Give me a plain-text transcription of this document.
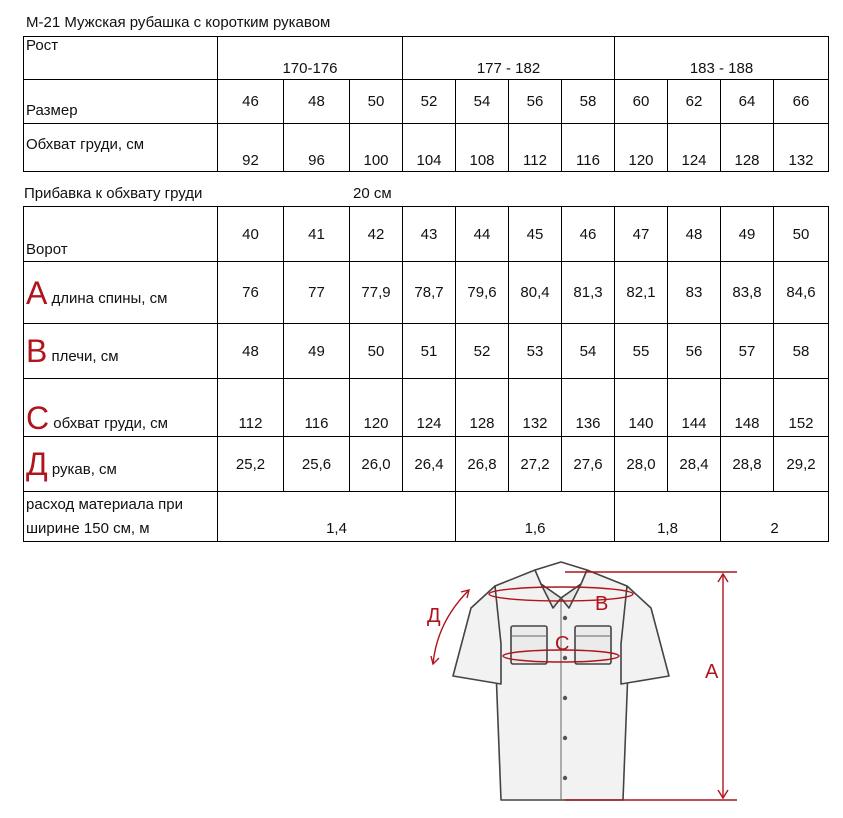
М-21 Мужская рубашка с коротким рукавом
Рост	170-176			177 - 182				183 - 188			
Размер	46	48	50	52	54	56	58	60	62	64	66
Обхват груди, см	92	96	100	104	108	112	116	120	124	128	132
Прибавка к обхвату груди	20 см
Ворот	40	41	42	43	44	45	46	47	48	49	50
А длина спины, см	76	77	77,9	78,7	79,6	80,4	81,3	82,1	83	83,8	84,6
В плечи, см	48	49	50	51	52	53	54	55	56	57	58
С обхват груди, см	112	116	120	124	128	132	136	140	144	148	152
Д рукав, см	25,2	25,6	26,0	26,4	26,8	27,2	27,6	28,0	28,4	28,8	29,2

расход материала при
ширине 150 см, м	1,4				1,6			1,8		2	
А
В
С
Д
